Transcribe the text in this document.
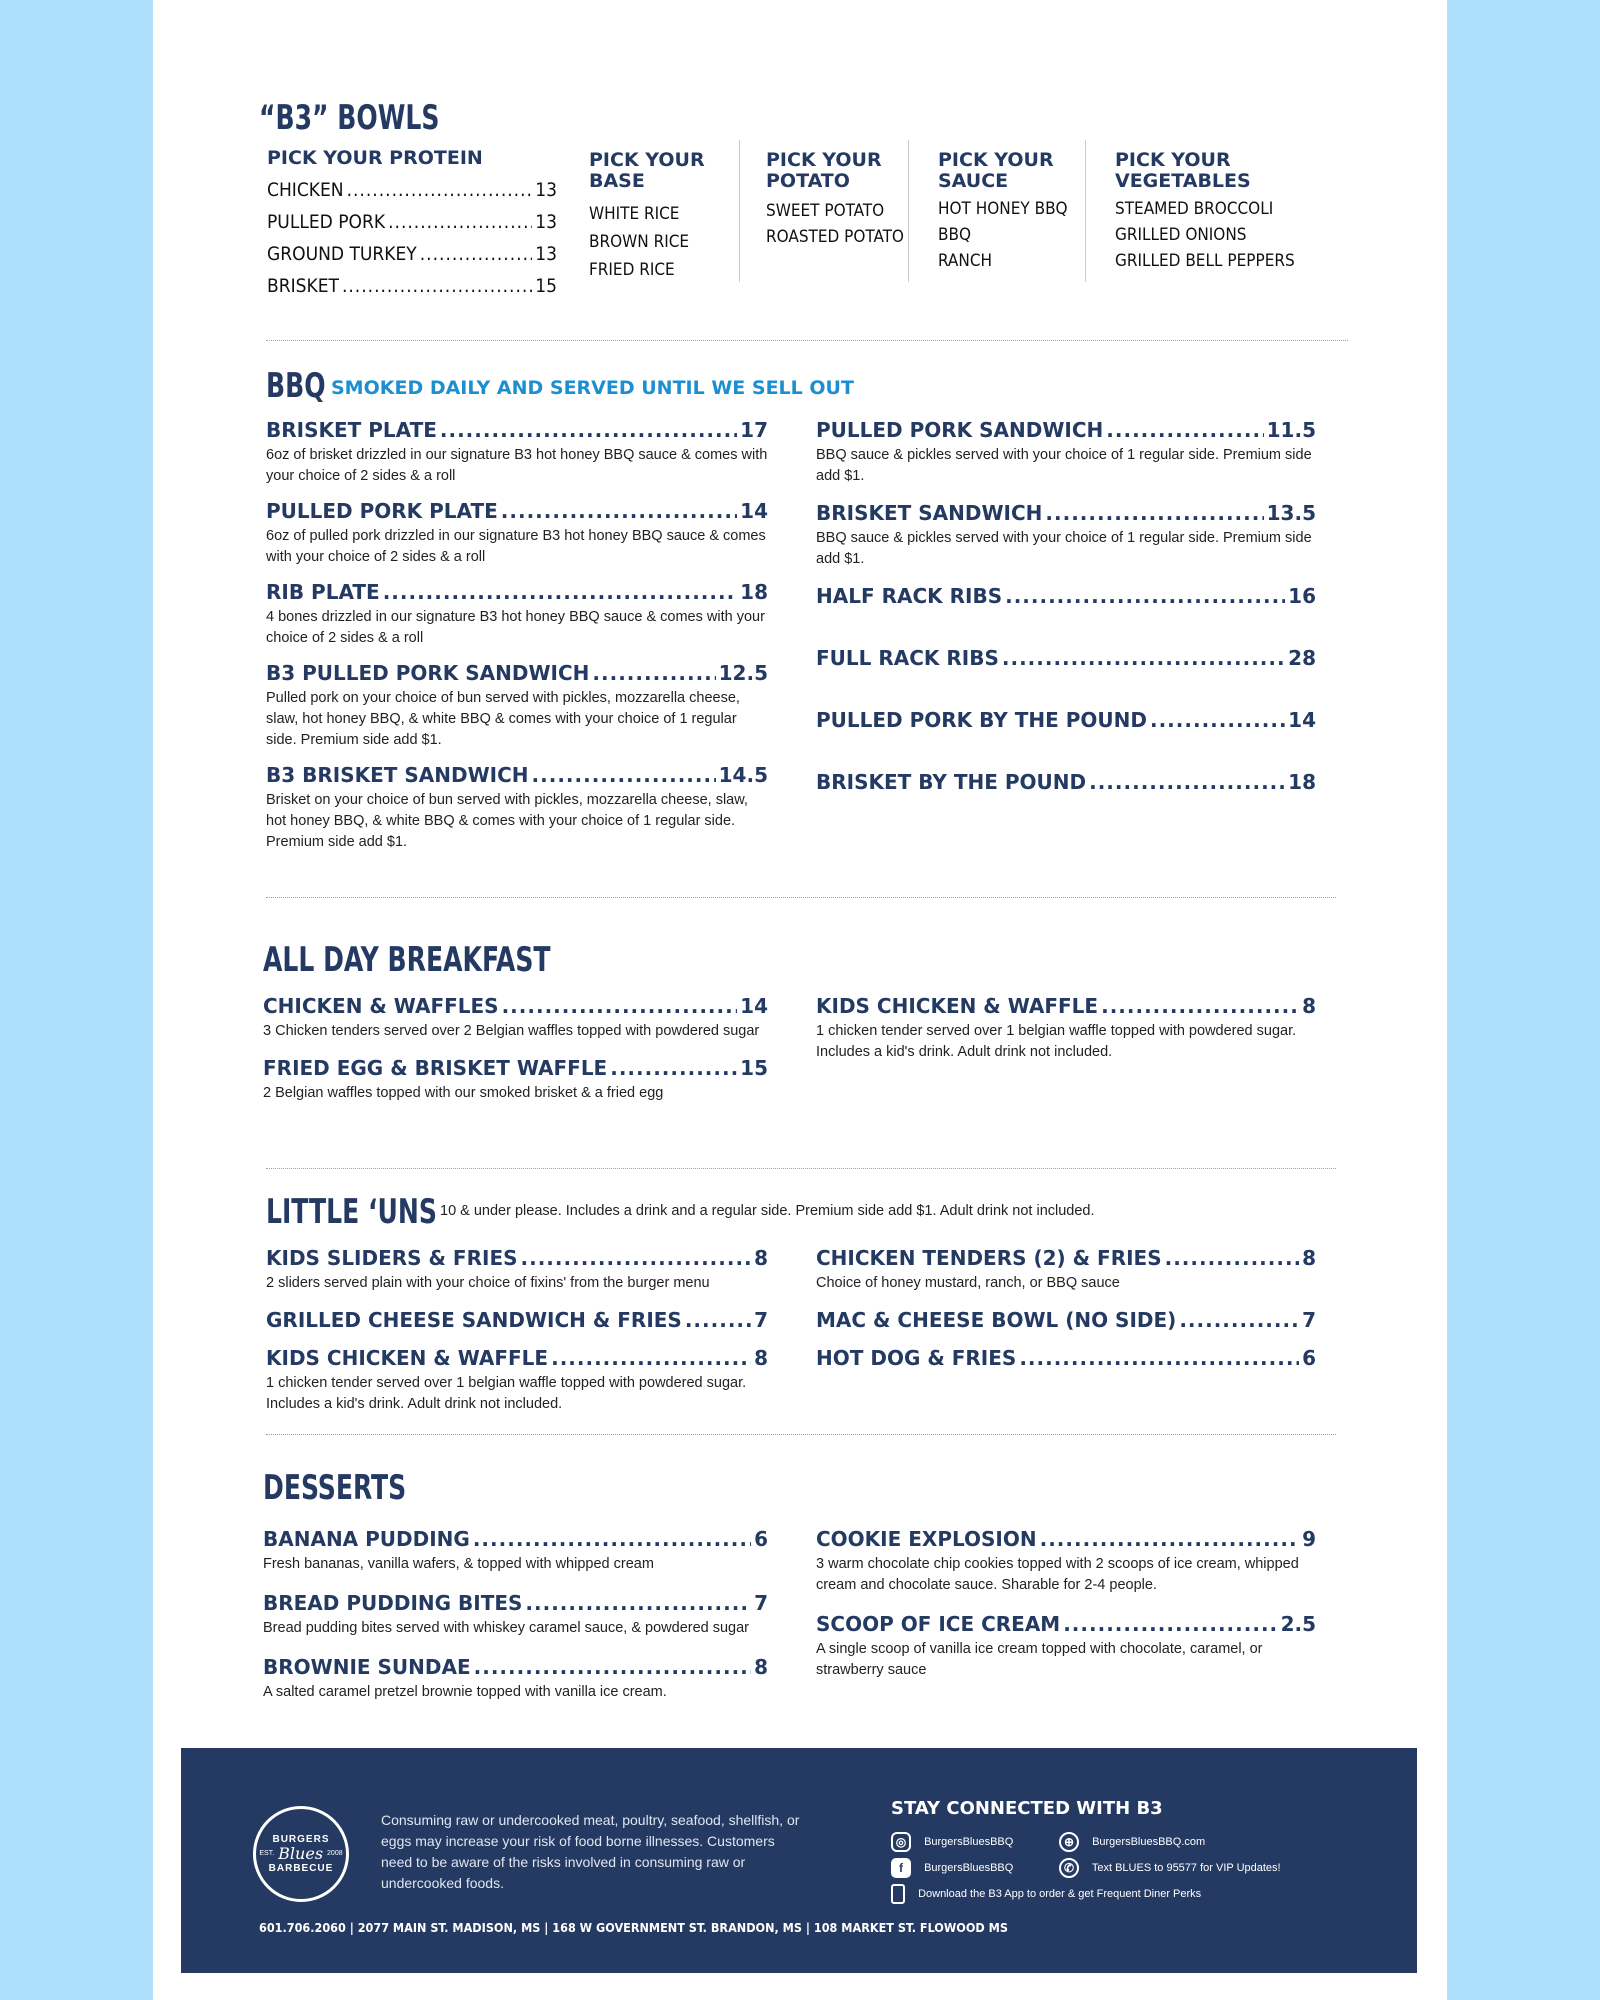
“B3” BOWLS
PICK YOUR PROTEIN
CHICKEN .....	13
PULLED PORK .....	13
GROUND TURKEY .....	13
BRISKET .....	15
PICK YOUR
BASE
WHITE RICE
BROWN RICE
FRIED RICE
PICK YOUR
POTATO
SWEET POTATO
ROASTED POTATO
PICK YOUR
SAUCE
HOT HONEY BBQ
BBQ
RANCH
PICK YOUR
VEGETABLES
STEAMED BROCCOLI
GRILLED ONIONS
GRILLED BELL PEPPERS
BBQ SMOKED DAILY AND SERVED UNTIL WE SELL OUT
BRISKET PLATE .....	17
6oz of brisket drizzled in our signature B3 hot honey BBQ sauce & comes with your choice of 2 sides & a roll
PULLED PORK PLATE .....	14
6oz of pulled pork drizzled in our signature B3 hot honey BBQ sauce & comes with your choice of 2 sides & a roll
RIB PLATE .....	18
4 bones drizzled in our signature B3 hot honey BBQ sauce & comes with your choice of 2 sides & a roll
B3 PULLED PORK SANDWICH .....	12.5
Pulled pork on your choice of bun served with pickles, mozzarella cheese, slaw, hot honey BBQ, & white BBQ & comes with your choice of 1 regular side. Premium side add $1.
B3 BRISKET SANDWICH .....	14.5
Brisket on your choice of bun served with pickles, mozzarella cheese, slaw, hot honey BBQ, & white BBQ & comes with your choice of 1 regular side. Premium side add $1.
PULLED PORK SANDWICH .....	11.5
BBQ sauce & pickles served with your choice of 1 regular side. Premium side add $1.
BRISKET SANDWICH .....	13.5
BBQ sauce & pickles served with your choice of 1 regular side. Premium side add $1.
HALF RACK RIBS .....	16
FULL RACK RIBS .....	28
PULLED PORK BY THE POUND .....	14
BRISKET BY THE POUND .....	18
ALL DAY BREAKFAST
CHICKEN & WAFFLES .....	14
3 Chicken tenders served over 2 Belgian waffles topped with powdered sugar
FRIED EGG & BRISKET WAFFLE .....	15
2 Belgian waffles topped with our smoked brisket & a fried egg
KIDS CHICKEN & WAFFLE .....	8
1 chicken tender served over 1 belgian waffle topped with powdered sugar. Includes a kid's drink. Adult drink not included.
LITTLE ‘UNS 10 & under please. Includes a drink and a regular side. Premium side add $1. Adult drink not included.
KIDS SLIDERS & FRIES .....	8
2 sliders served plain with your choice of fixins' from the burger menu
GRILLED CHEESE SANDWICH & FRIES .....	7
KIDS CHICKEN & WAFFLE .....	8
1 chicken tender served over 1 belgian waffle topped with powdered sugar. Includes a kid's drink. Adult drink not included.
CHICKEN TENDERS (2) & FRIES .....	8
Choice of honey mustard, ranch, or BBQ sauce
MAC & CHEESE BOWL (NO SIDE) .....	7
HOT DOG & FRIES .....	6
DESSERTS
BANANA PUDDING .....	6
Fresh bananas, vanilla wafers, & topped with whipped cream
BREAD PUDDING BITES .....	7
Bread pudding bites served with whiskey caramel sauce, & powdered sugar
BROWNIE SUNDAE .....	8
A salted caramel pretzel brownie topped with vanilla ice cream.
COOKIE EXPLOSION .....	9
3 warm chocolate chip cookies topped with 2 scoops of ice cream, whipped cream and chocolate sauce. Sharable for 2-4 people.
SCOOP OF ICE CREAM .....	2.5
A single scoop of vanilla ice cream topped with chocolate, caramel, or strawberry sauce
BURGERS
EST. Blues 2008
BARBECUE
Consuming raw or undercooked meat, poultry, seafood, shellfish, or eggs may increase your risk of food borne illnesses. Customers need to be aware of the risks involved in consuming raw or undercooked foods.
STAY CONNECTED WITH B3
◎ BurgersBluesBBQ	⊕ BurgersBluesBBQ.com
f BurgersBluesBBQ	✆ Text BLUES to 95577 for VIP Updates!
Download the B3 App to order & get Frequent Diner Perks
601.706.2060 | 2077 MAIN ST. MADISON, MS | 168 W GOVERNMENT ST. BRANDON, MS | 108 MARKET ST. FLOWOOD MS
